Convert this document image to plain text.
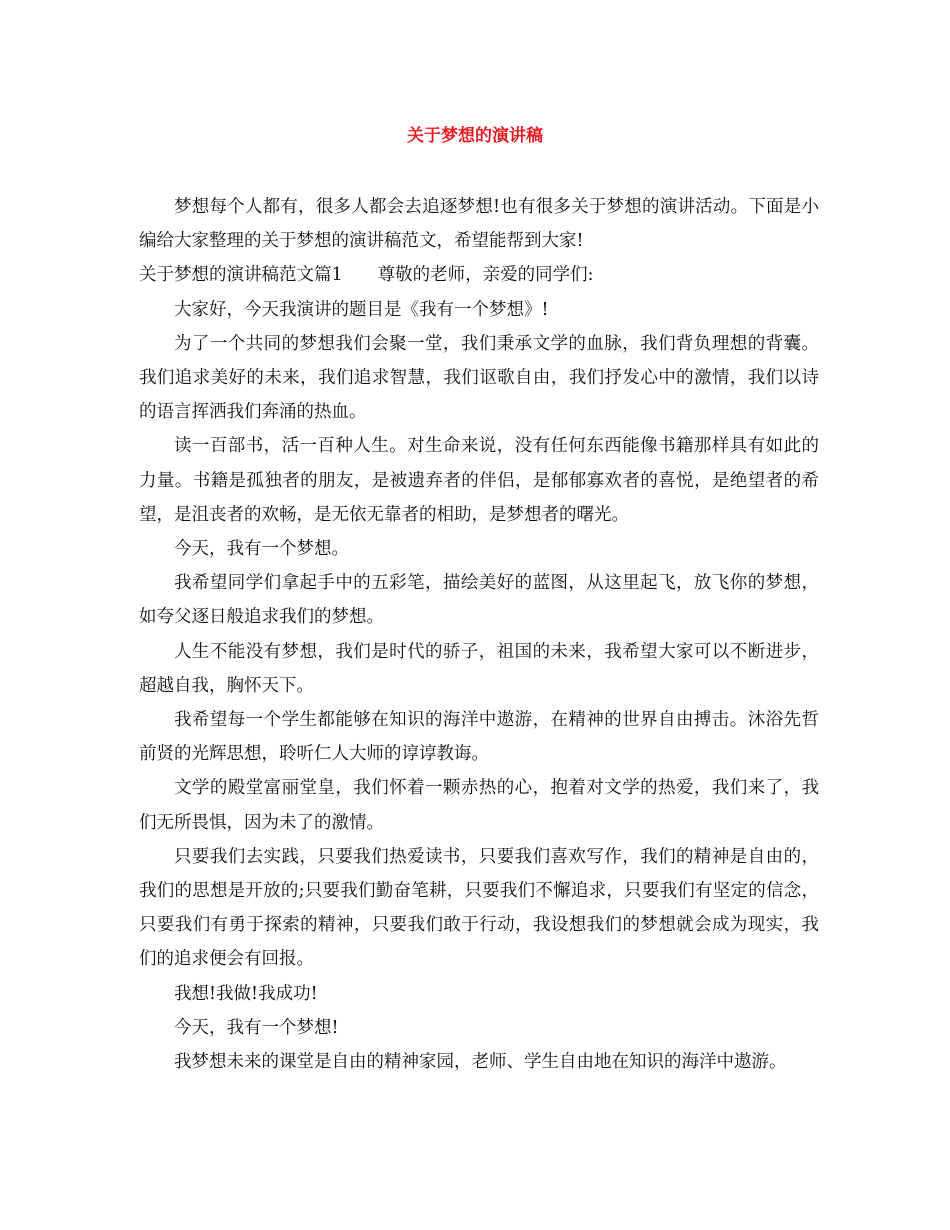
关于梦想的演讲稿

梦想每个人都有，很多人都会去追逐梦想!也有很多关于梦想的演讲活动。下面是小编给大家整理的关于梦想的演讲稿范文，希望能帮到大家!

关于梦想的演讲稿范文篇1　　尊敬的老师，亲爱的同学们:

大家好，今天我演讲的题目是《我有一个梦想》!

为了一个共同的梦想我们会聚一堂，我们秉承文学的血脉，我们背负理想的背囊。我们追求美好的未来，我们追求智慧，我们讴歌自由，我们抒发心中的激情，我们以诗的语言挥洒我们奔涌的热血。

读一百部书，活一百种人生。对生命来说，没有任何东西能像书籍那样具有如此的力量。书籍是孤独者的朋友，是被遗弃者的伴侣，是郁郁寡欢者的喜悦，是绝望者的希望，是沮丧者的欢畅，是无依无靠者的相助，是梦想者的曙光。

今天，我有一个梦想。

我希望同学们拿起手中的五彩笔，描绘美好的蓝图，从这里起飞，放飞你的梦想，如夸父逐日般追求我们的梦想。

人生不能没有梦想，我们是时代的骄子，祖国的未来，我希望大家可以不断进步，超越自我，胸怀天下。

我希望每一个学生都能够在知识的海洋中遨游，在精神的世界自由搏击。沐浴先哲前贤的光辉思想，聆听仁人大师的谆谆教诲。

文学的殿堂富丽堂皇，我们怀着一颗赤热的心，抱着对文学的热爱，我们来了，我们无所畏惧，因为未了的激情。

只要我们去实践，只要我们热爱读书，只要我们喜欢写作，我们的精神是自由的，我们的思想是开放的;只要我们勤奋笔耕，只要我们不懈追求，只要我们有坚定的信念，只要我们有勇于探索的精神，只要我们敢于行动，我设想我们的梦想就会成为现实，我们的追求便会有回报。

我想!我做!我成功!

今天，我有一个梦想!

我梦想未来的课堂是自由的精神家园，老师、学生自由地在知识的海洋中遨游。
